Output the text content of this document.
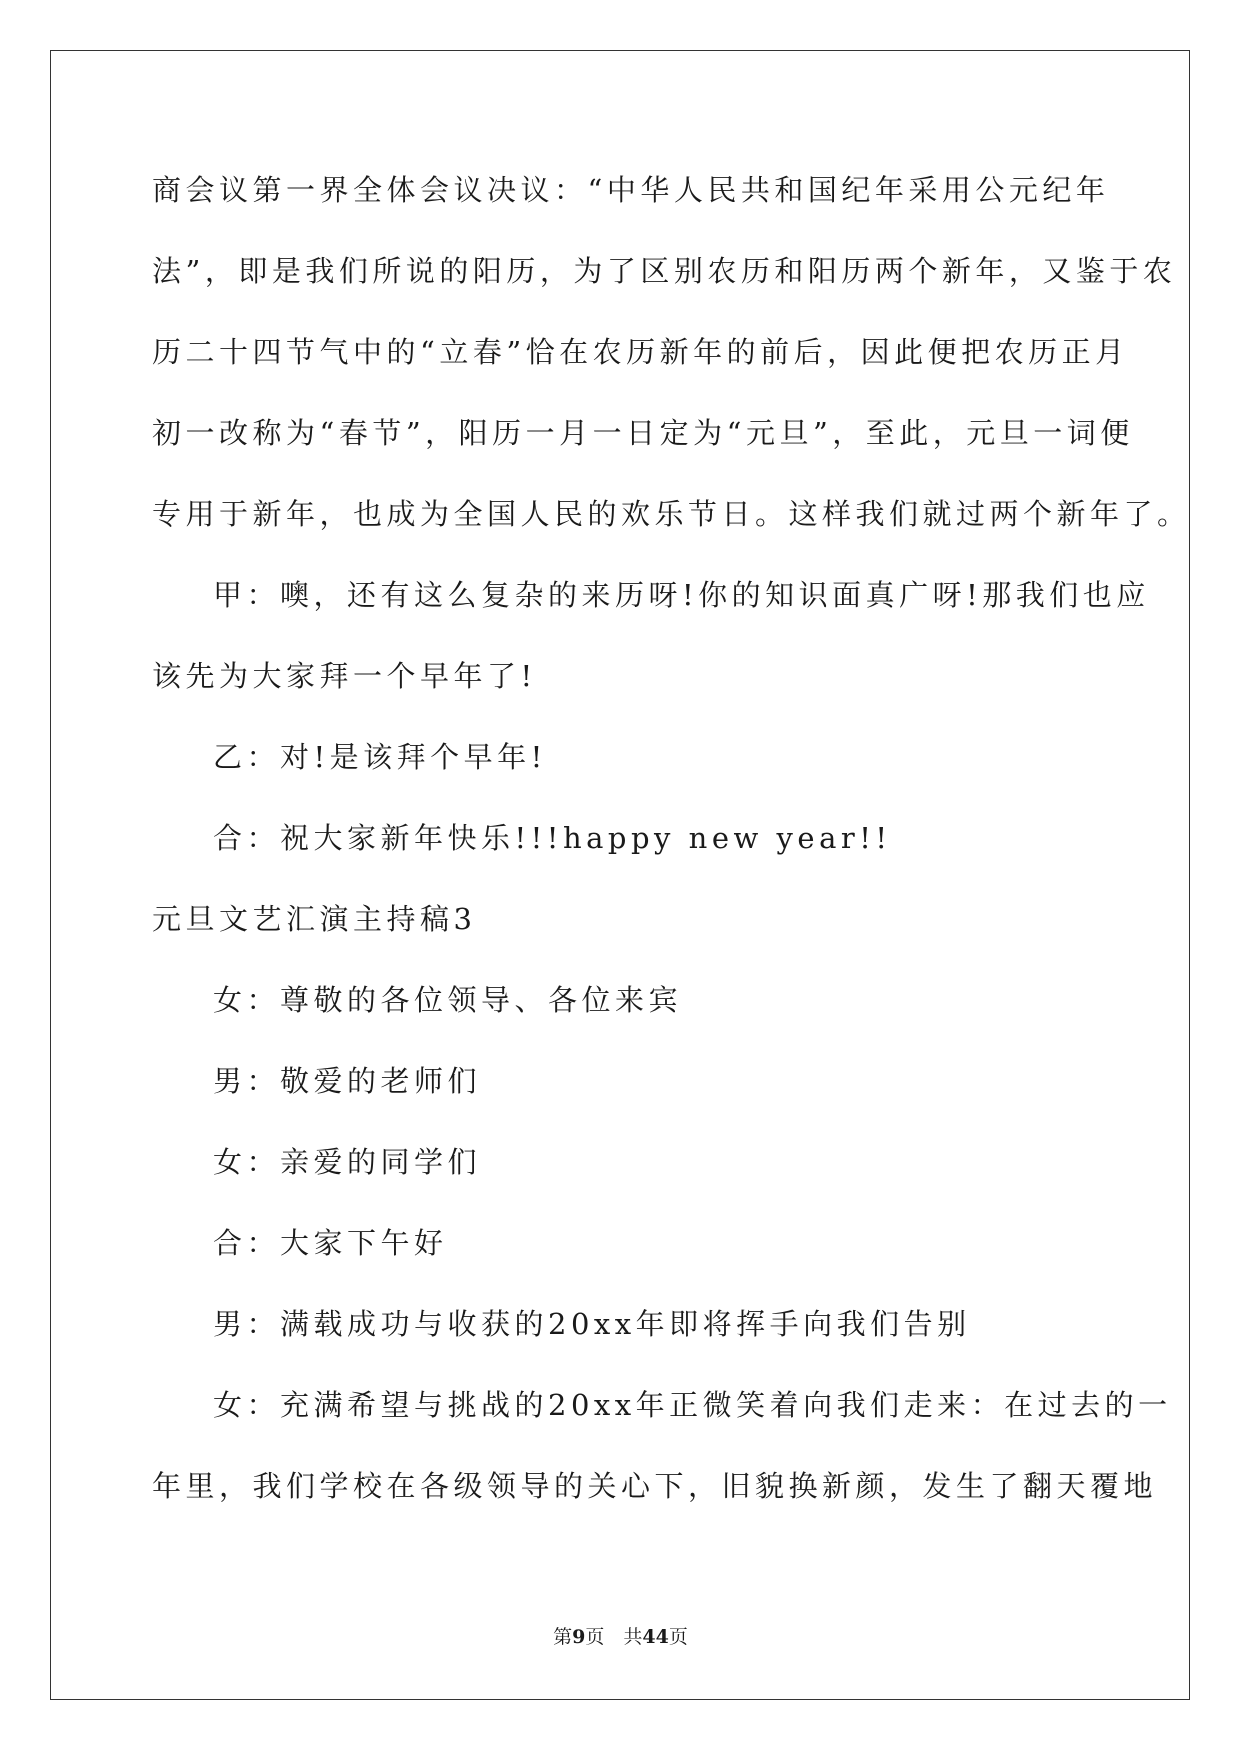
商会议第一界全体会议决议：“中华人民共和国纪年采用公元纪年
法”，即是我们所说的阳历，为了区别农历和阳历两个新年，又鉴于农
历二十四节气中的“立春”恰在农历新年的前后，因此便把农历正月
初一改称为“春节”，阳历一月一日定为“元旦”，至此，元旦一词便
专用于新年，也成为全国人民的欢乐节日。这样我们就过两个新年了。
甲：噢，还有这么复杂的来历呀!你的知识面真广呀!那我们也应
该先为大家拜一个早年了!
乙：对!是该拜个早年!
合：祝大家新年快乐!!!happy new year!!
元旦文艺汇演主持稿3
女：尊敬的各位领导、各位来宾
男：敬爱的老师们
女：亲爱的同学们
合：大家下午好
男：满载成功与收获的20xx年即将挥手向我们告别
女：充满希望与挑战的20xx年正微笑着向我们走来：在过去的一
年里，我们学校在各级领导的关心下，旧貌换新颜，发生了翻天覆地
第9页　共44页
